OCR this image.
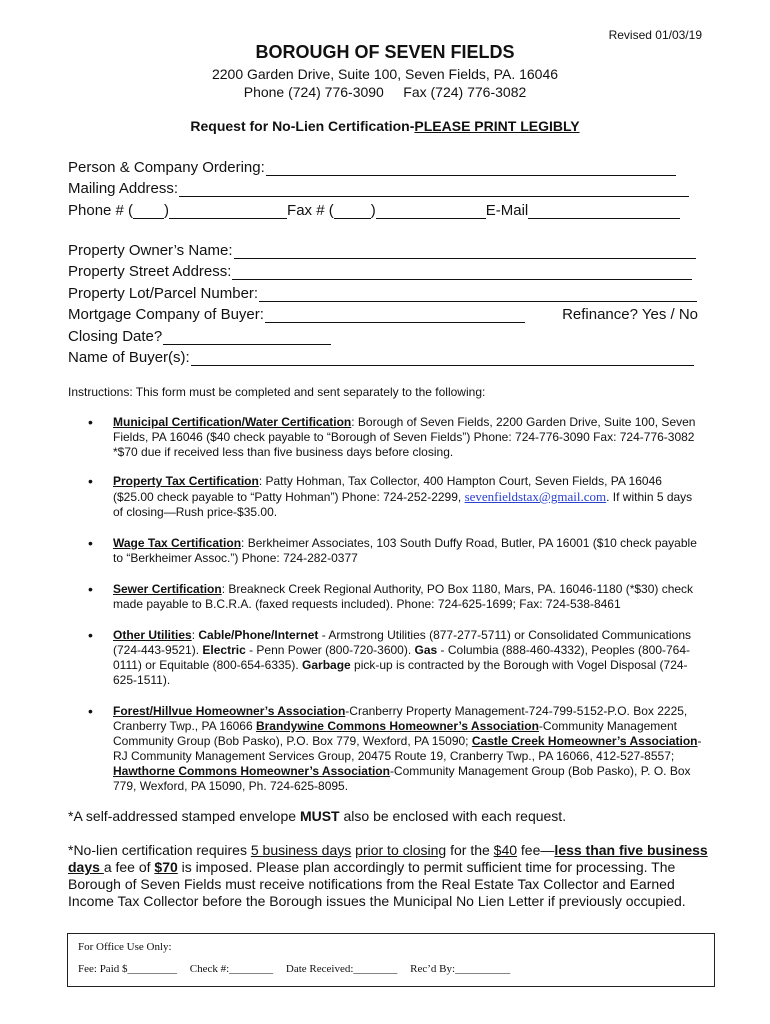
Revised 01/03/19
BOROUGH OF SEVEN FIELDS
2200 Garden Drive, Suite 100, Seven Fields, PA. 16046
Phone (724) 776-3090 Fax (724) 776-3082
Request for No-Lien Certification-PLEASE PRINT LEGIBLY
Person & Company Ordering:
Mailing Address:
Phone # ( )	Fax # ( )	E-Mail
Property Owner’s Name:
Property Street Address:
Property Lot/Parcel Number:
Mortgage Company of Buyer:	Refinance? Yes / No
Closing Date?
Name of Buyer(s):
Instructions: This form must be completed and sent separately to the following:
• Municipal Certification/Water Certification: Borough of Seven Fields, 2200 Garden Drive, Suite 100, Seven Fields, PA 16046 ($40 check payable to “Borough of Seven Fields”) Phone: 724-776-3090 Fax: 724-776-3082 *$70 due if received less than five business days before closing.
• Property Tax Certification: Patty Hohman, Tax Collector, 400 Hampton Court, Seven Fields, PA 16046 ($25.00 check payable to “Patty Hohman”) Phone: 724-252-2299, sevenfieldstax@gmail.com. If within 5 days of closing—Rush price-$35.00.
• Wage Tax Certification: Berkheimer Associates, 103 South Duffy Road, Butler, PA 16001 ($10 check payable to “Berkheimer Assoc.”) Phone: 724-282-0377
• Sewer Certification: Breakneck Creek Regional Authority, PO Box 1180, Mars, PA. 16046-1180 (*$30) check made payable to B.C.R.A. (faxed requests included). Phone: 724-625-1699; Fax: 724-538-8461
• Other Utilities: Cable/Phone/Internet - Armstrong Utilities (877-277-5711) or Consolidated Communications (724-443-9521). Electric - Penn Power (800-720-3600). Gas - Columbia (888-460-4332), Peoples (800-764-0111) or Equitable (800-654-6335). Garbage pick-up is contracted by the Borough with Vogel Disposal (724-625-1511).
• Forest/Hillvue Homeowner’s Association-Cranberry Property Management-724-799-5152-P.O. Box 2225, Cranberry Twp., PA 16066 Brandywine Commons Homeowner’s Association-Community Management Community Group (Bob Pasko), P.O. Box 779, Wexford, PA 15090; Castle Creek Homeowner’s Association-RJ Community Management Services Group, 20475 Route 19, Cranberry Twp., PA 16066, 412-527-8557; Hawthorne Commons Homeowner’s Association-Community Management Group (Bob Pasko), P. O. Box 779, Wexford, PA 15090, Ph. 724-625-8095.
*A self-addressed stamped envelope MUST also be enclosed with each request.
*No-lien certification requires 5 business days prior to closing for the $40 fee—less than five business days a fee of $70 is imposed. Please plan accordingly to permit sufficient time for processing. The Borough of Seven Fields must receive notifications from the Real Estate Tax Collector and Earned Income Tax Collector before the Borough issues the Municipal No Lien Letter if previously occupied.
For Office Use Only:
Fee: Paid $_________ Check #:________ Date Received:________ Rec’d By:__________
